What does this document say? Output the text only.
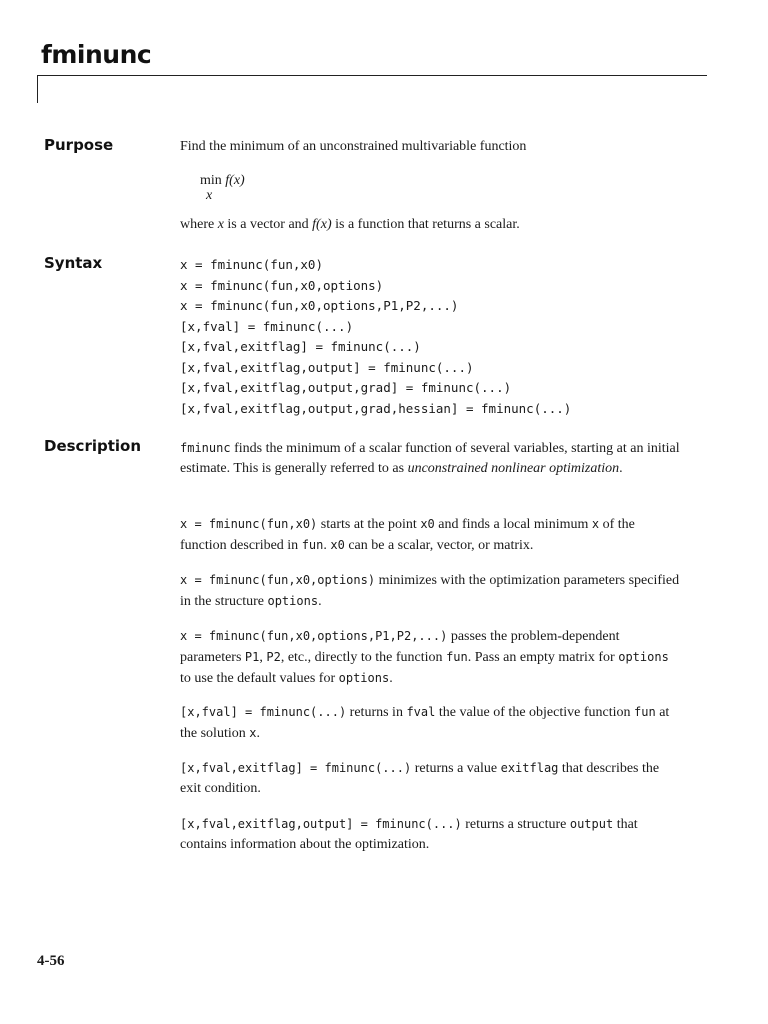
fminunc
Purpose	Find the minimum of an unconstrained multivariable function
min f(x)
x
where x is a vector and f(x) is a function that returns a scalar.
Syntax	x = fminunc(fun,x0)
x = fminunc(fun,x0,options)
x = fminunc(fun,x0,options,P1,P2,...)
[x,fval] = fminunc(...)
[x,fval,exitflag] = fminunc(...)
[x,fval,exitflag,output] = fminunc(...)
[x,fval,exitflag,output,grad] = fminunc(...)
[x,fval,exitflag,output,grad,hessian] = fminunc(...)
Description	fminunc finds the minimum of a scalar function of several variables, starting at an initial estimate. This is generally referred to as unconstrained nonlinear optimization.
x = fminunc(fun,x0) starts at the point x0 and finds a local minimum x of the function described in fun. x0 can be a scalar, vector, or matrix.
x = fminunc(fun,x0,options) minimizes with the optimization parameters specified in the structure options.
x = fminunc(fun,x0,options,P1,P2,...) passes the problem-dependent parameters P1, P2, etc., directly to the function fun. Pass an empty matrix for options to use the default values for options.
[x,fval] = fminunc(...) returns in fval the value of the objective function fun at the solution x.
[x,fval,exitflag] = fminunc(...) returns a value exitflag that describes the exit condition.
[x,fval,exitflag,output] = fminunc(...) returns a structure output that contains information about the optimization.
4-56
